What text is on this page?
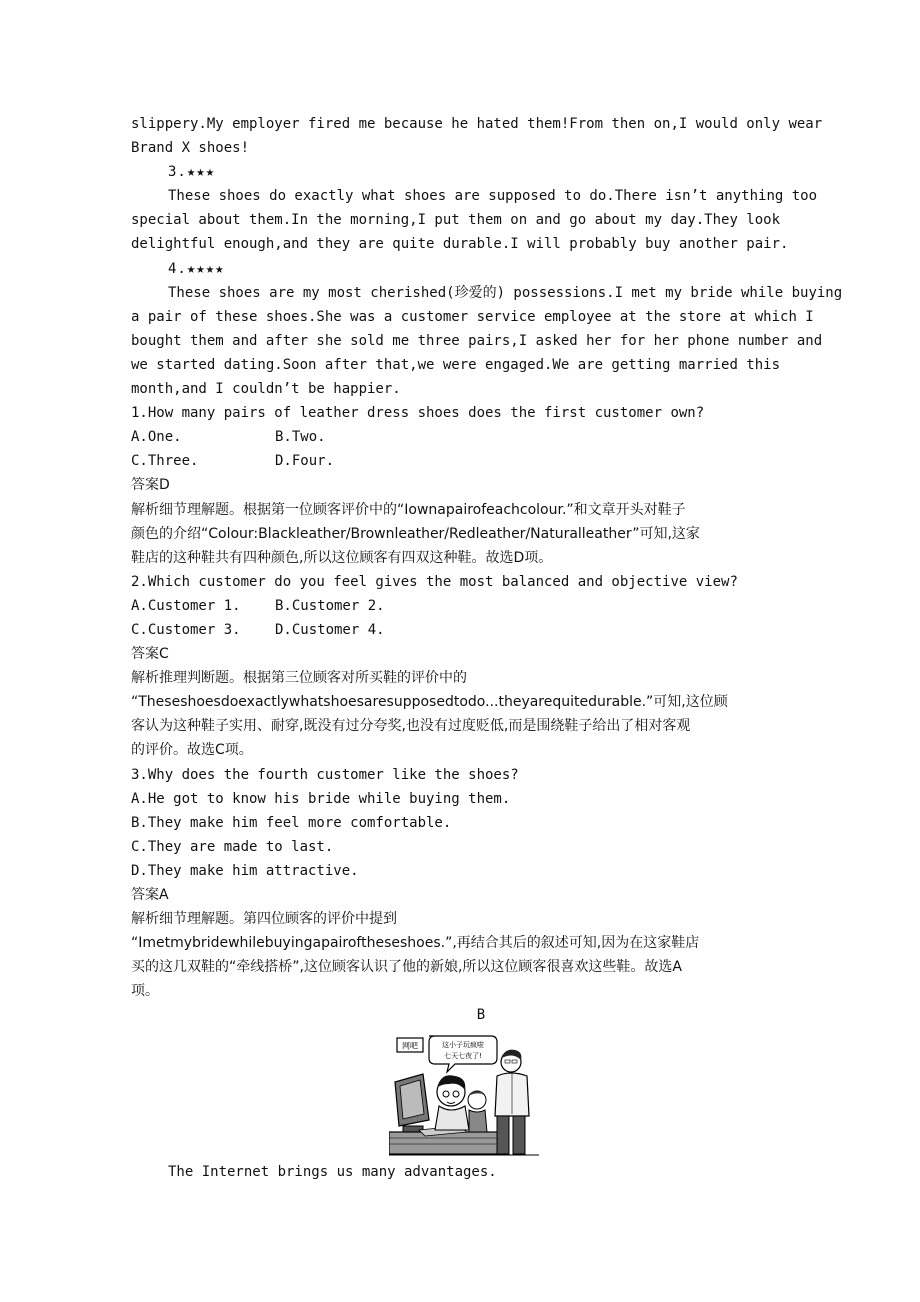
slippery.My employer fired me because he hated them!From then on,I would only wear
Brand X shoes!
3.★★★
These shoes do exactly what shoes are supposed to do.There isn’t anything too
special about them.In the morning,I put them on and go about my day.They look
delightful enough,and they are quite durable.I will probably buy another pair.
4.★★★★
These shoes are my most cherished(珍爱的) possessions.I met my bride while buying
a pair of these shoes.She was a customer service employee at the store at which I
bought them and after she sold me three pairs,I asked her for her phone number and
we started dating.Soon after that,we were engaged.We are getting married this
month,and I couldn’t be happier.
1.How many pairs of leather dress shoes does the first customer own?
A.One.	B.Two.
C.Three.	D.Four.
答案D
解析细节理解题。根据第一位顾客评价中的“Iownapairofeachcolour.”和文章开头对鞋子
颜色的介绍“Colour:Blackleather/Brownleather/Redleather/Naturalleather”可知,这家
鞋店的这种鞋共有四种颜色,所以这位顾客有四双这种鞋。故选D项。
2.Which customer do you feel gives the most balanced and objective view?
A.Customer 1. B.Customer 2.
C.Customer 3. D.Customer 4.
答案C
解析推理判断题。根据第三位顾客对所买鞋的评价中的
“Theseshoesdoexactlywhatshoesaresupposedtodo...theyarequitedurable.”可知,这位顾
客认为这种鞋子实用、耐穿,既没有过分夸奖,也没有过度贬低,而是围绕鞋子给出了相对客观
的评价。故选C项。
3.Why does the fourth customer like the shoes?
A.He got to know his bride while buying them.
B.They make him feel more comfortable.
C.They are made to last.
D.They make him attractive.
答案A
解析细节理解题。第四位顾客的评价中提到
“Imetmybridewhilebuyingapairoftheseshoes.”,再结合其后的叙述可知,因为在这家鞋店
买的这几双鞋的“牵线搭桥”,这位顾客认识了他的新娘,所以这位顾客很喜欢这些鞋。故选A
项。
B
网吧	这小子玩疯啦
七天七夜了!
The Internet brings us many advantages.
